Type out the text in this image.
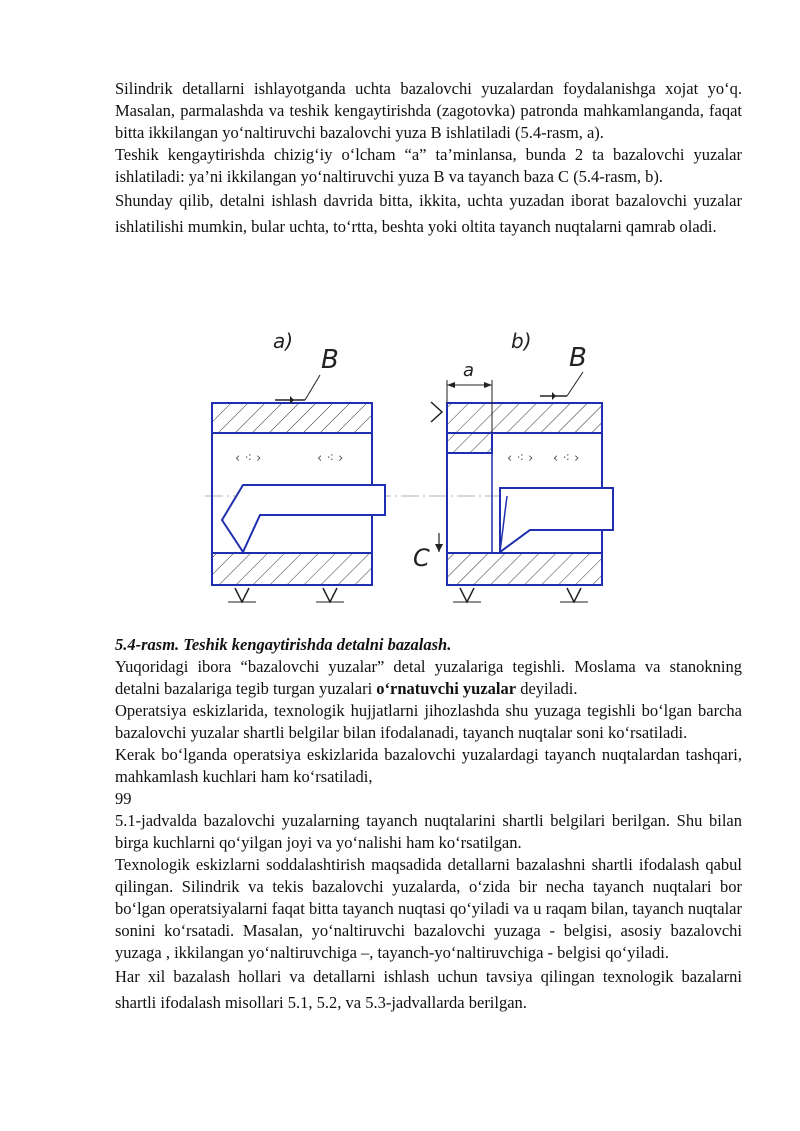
Silindrik detallarni ishlayotganda uchta bazalovchi yuzalardan foydalanishga xojat yo‘q. Masalan, parmalashda va teshik kengaytirishda (zagotovka) patronda mahkamlanganda, faqat bitta ikkilangan yo‘naltiruvchi bazalovchi yuza B ishlatiladi (5.4-rasm, a).

Teshik kengaytirishda chizig‘iy o‘lcham “a” ta’minlansa, bunda 2 ta bazalovchi yuzalar ishlatiladi: ya’ni ikkilangan yo‘naltiruvchi yuza B va tayanch baza C (5.4-rasm, b).

Shunday qilib, detalni ishlash davrida bitta, ikkita, uchta yuzadan iborat bazalovchi yuzalar ishlatilishi mumkin, bular uchta, to‘rtta, beshta yoki oltita tayanch nuqtalarni qamrab oladi.

‹ ⁖ ›	‹ ⁖ ›
a)
B
‹ ⁖ › ‹ ⁖ ›
b)
B
a
C

5.4-rasm. Teshik kengaytirishda detalni bazalash.

Yuqoridagi ibora “bazalovchi yuzalar” detal yuzalariga tegishli. Moslama va stanokning detalni bazalariga tegib turgan yuzalari o‘rnatuvchi yuzalar deyiladi.

Operatsiya eskizlarida, texnologik hujjatlarni jihozlashda shu yuzaga tegishli bo‘lgan barcha bazalovchi yuzalar shartli belgilar bilan ifodalanadi, tayanch nuqtalar soni ko‘rsatiladi.

Kerak bo‘lganda operatsiya eskizlarida bazalovchi yuzalardagi tayanch nuqtalardan tashqari, mahkamlash kuchlari ham ko‘rsatiladi,

99

5.1-jadvalda bazalovchi yuzalarning tayanch nuqtalarini shartli belgilari berilgan. Shu bilan birga kuchlarni qo‘yilgan joyi va yo‘nalishi ham ko‘rsatilgan.

Texnologik eskizlarni soddalashtirish maqsadida detallarni bazalashni shartli ifodalash qabul qilingan. Silindrik va tekis bazalovchi yuzalarda, o‘zida bir necha tayanch nuqtalari bor bo‘lgan operatsiyalarni faqat bitta tayanch nuqtasi qo‘yiladi va u raqam bilan, tayanch nuqtalar sonini ko‘rsatadi. Masalan, yo‘naltiruvchi bazalovchi yuzaga - belgisi, asosiy bazalovchi yuzaga , ikkilangan yo‘naltiruvchiga –, tayanch-yo‘naltiruvchiga - belgisi qo‘yiladi.

Har xil bazalash hollari va detallarni ishlash uchun tavsiya qilingan texnologik bazalarni shartli ifodalash misollari 5.1, 5.2, va 5.3-jadvallarda berilgan.
